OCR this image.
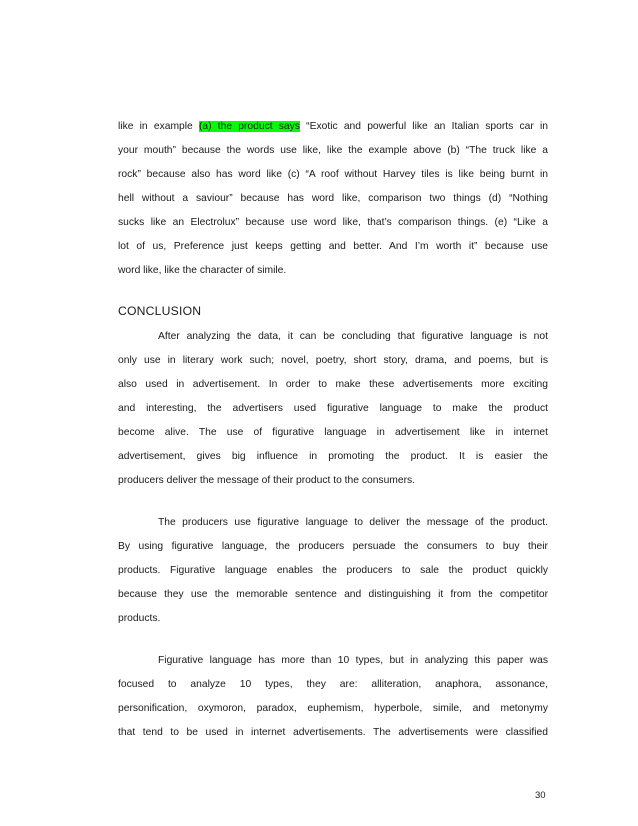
like in example (a) the product says “Exotic and powerful like an Italian sports car in
your mouth” because the words use like, like the example above (b) “The truck like a
rock” because also has word like (c) “A roof without Harvey tiles is like being burnt in
hell without a saviour” because has word like, comparison two things (d) “Nothing
sucks like an Electrolux” because use word like, that’s comparison things. (e) “Like a
lot of us, Preference just keeps getting and better. And I’m worth it” because use
word like, like the character of simile.
CONCLUSION
After analyzing the data, it can be concluding that figurative language is not
only use in literary work such; novel, poetry, short story, drama, and poems, but is
also used in advertisement. In order to make these advertisements more exciting
and interesting, the advertisers used figurative language to make the product
become alive. The use of figurative language in advertisement like in internet
advertisement, gives big influence in promoting the product. It is easier the
producers deliver the message of their product to the consumers.
The producers use figurative language to deliver the message of the product.
By using figurative language, the producers persuade the consumers to buy their
products. Figurative language enables the producers to sale the product quickly
because they use the memorable sentence and distinguishing it from the competitor
products.
Figurative language has more than 10 types, but in analyzing this paper was
focused to analyze 10 types, they are: alliteration, anaphora, assonance,
personification, oxymoron, paradox, euphemism, hyperbole, simile, and metonymy
that tend to be used in internet advertisements. The advertisements were classified
30
